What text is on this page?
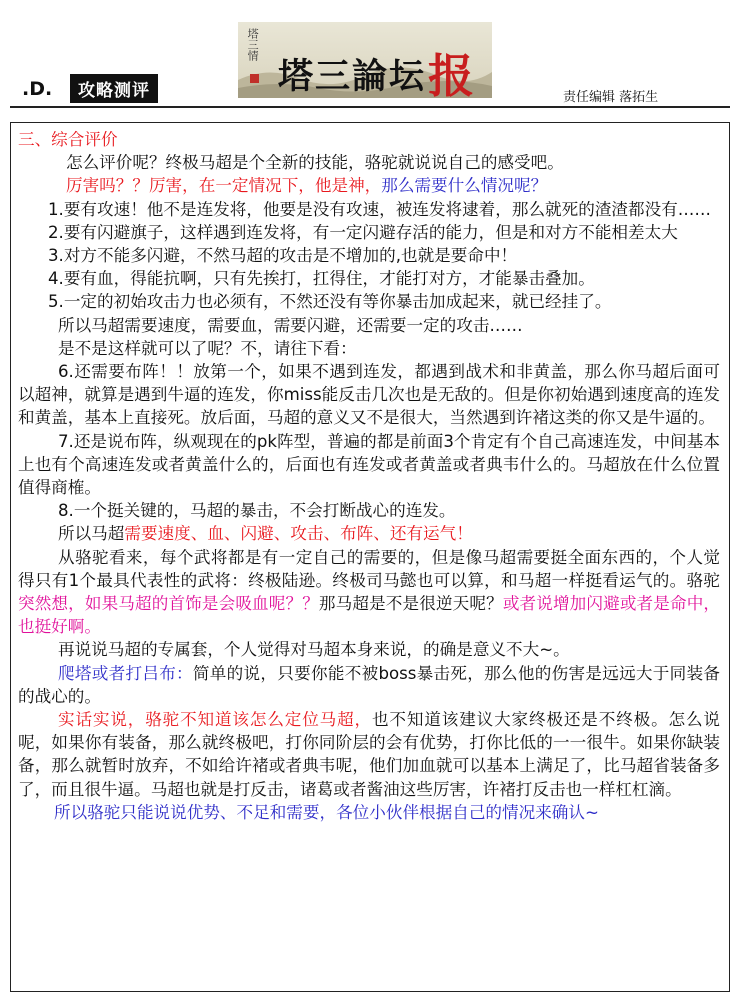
.D.	攻略测评
塔三情
塔三論坛报	责任编辑 落拓生

三、综合评价

怎么评价呢？终极马超是个全新的技能，骆驼就说说自己的感受吧。

厉害吗？？厉害，在一定情况下，他是神，那么需要什么情况呢？

1.要有攻速！他不是连发将，他要是没有攻速，被连发将逮着，那么就死的渣渣都没有……

2.要有闪避旗子，这样遇到连发将，有一定闪避存活的能力，但是和对方不能相差太大

3.对方不能多闪避，不然马超的攻击是不增加的,也就是要命中！

4.要有血，得能抗啊，只有先挨打，扛得住，才能打对方，才能暴击叠加。

5.一定的初始攻击力也必须有，不然还没有等你暴击加成起来，就已经挂了。

所以马超需要速度，需要血，需要闪避，还需要一定的攻击……

是不是这样就可以了呢？不，请往下看：

6.还需要布阵！！放第一个，如果不遇到连发，都遇到战术和非黄盖，那么你马超后面可以超神，就算是遇到牛逼的连发，你miss能反击几次也是无敌的。但是你初始遇到速度高的连发和黄盖，基本上直接死。放后面，马超的意义又不是很大，当然遇到许褚这类的你又是牛逼的。

7.还是说布阵，纵观现在的pk阵型，普遍的都是前面3个肯定有个自己高速连发，中间基本上也有个高速连发或者黄盖什么的，后面也有连发或者黄盖或者典韦什么的。马超放在什么位置值得商榷。

8.一个挺关键的，马超的暴击，不会打断战心的连发。

所以马超需要速度、血、闪避、攻击、布阵、还有运气！

从骆驼看来，每个武将都是有一定自己的需要的，但是像马超需要挺全面东西的，个人觉得只有1个最具代表性的武将：终极陆逊。终极司马懿也可以算，和马超一样挺看运气的。骆驼突然想，如果马超的首饰是会吸血呢？？那马超是不是很逆天呢？或者说增加闪避或者是命中，也挺好啊。

再说说马超的专属套，个人觉得对马超本身来说，的确是意义不大~。

爬塔或者打吕布：简单的说，只要你能不被boss暴击死，那么他的伤害是远远大于同装备的战心的。

实话实说，骆驼不知道该怎么定位马超，也不知道该建议大家终极还是不终极。怎么说呢，如果你有装备，那么就终极吧，打你同阶层的会有优势，打你比低的一一很牛。如果你缺装备，那么就暂时放弃，不如给许褚或者典韦呢，他们加血就可以基本上满足了，比马超省装备多了，而且很牛逼。马超也就是打反击，诸葛或者酱油这些厉害，许褚打反击也一样杠杠滴。

所以骆驼只能说说优势、不足和需要，各位小伙伴根据自己的情况来确认~
